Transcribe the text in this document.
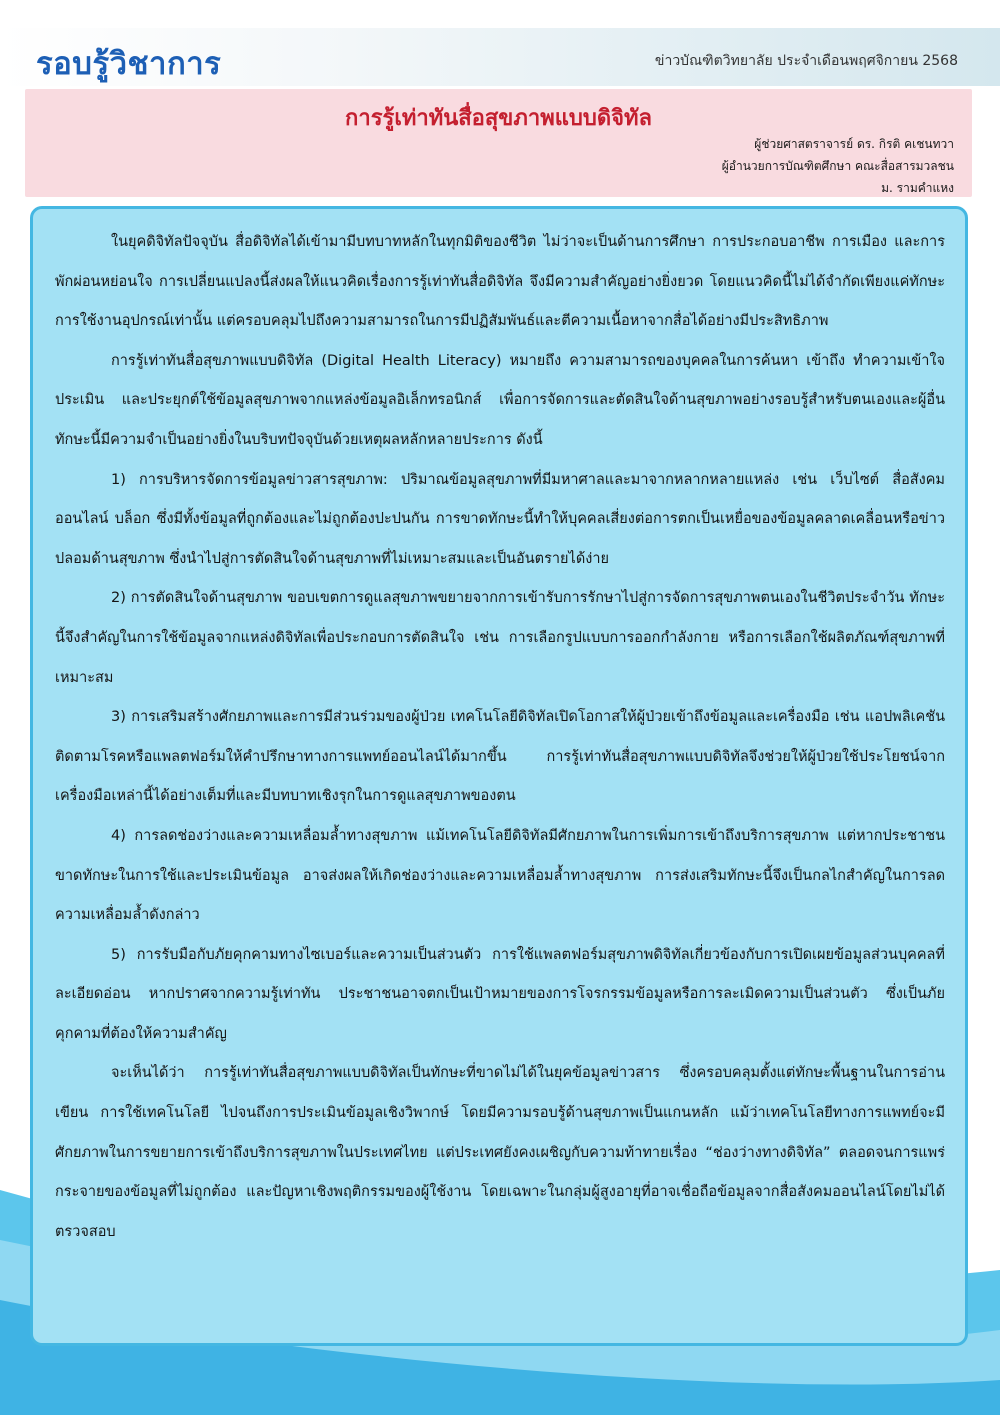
รอบรู้วิชาการ	ข่าวบัณฑิตวิทยาลัย ประจำเดือนพฤศจิกายน 2568
การรู้เท่าทันสื่อสุขภาพแบบดิจิทัล
ผู้ช่วยศาสตราจารย์ ดร. กิรติ คเชนทวา
ผู้อำนวยการบัณฑิตศึกษา คณะสื่อสารมวลชน
ม. รามคำแหง

ในยุคดิจิทัลปัจจุบัน สื่อดิจิทัลได้เข้ามามีบทบาทหลักในทุกมิติของชีวิต ไม่ว่าจะเป็นด้านการศึกษา การประกอบอาชีพ การเมือง และการพักผ่อนหย่อนใจ การเปลี่ยนแปลงนี้ส่งผลให้แนวคิดเรื่องการรู้เท่าทันสื่อดิจิทัล จึงมีความสำคัญอย่างยิ่งยวด โดยแนวคิดนี้ไม่ได้จำกัดเพียงแค่ทักษะการใช้งานอุปกรณ์เท่านั้น แต่ครอบคลุมไปถึงความสามารถในการมีปฏิสัมพันธ์และตีความเนื้อหาจากสื่อได้อย่างมีประสิทธิภาพ

การรู้เท่าทันสื่อสุขภาพแบบดิจิทัล (Digital Health Literacy) หมายถึง ความสามารถของบุคคลในการค้นหา เข้าถึง ทำความเข้าใจ ประเมิน และประยุกต์ใช้ข้อมูลสุขภาพจากแหล่งข้อมูลอิเล็กทรอนิกส์ เพื่อการจัดการและตัดสินใจด้านสุขภาพอย่างรอบรู้สำหรับตนเองและผู้อื่น ทักษะนี้มีความจำเป็นอย่างยิ่งในบริบทปัจจุบันด้วยเหตุผลหลักหลายประการ ดังนี้

1) การบริหารจัดการข้อมูลข่าวสารสุขภาพ: ปริมาณข้อมูลสุขภาพที่มีมหาศาลและมาจากหลากหลายแหล่ง เช่น เว็บไซต์ สื่อสังคมออนไลน์ บล็อก ซึ่งมีทั้งข้อมูลที่ถูกต้องและไม่ถูกต้องปะปนกัน การขาดทักษะนี้ทำให้บุคคลเสี่ยงต่อการตกเป็นเหยื่อของข้อมูลคลาดเคลื่อนหรือข่าวปลอมด้านสุขภาพ ซึ่งนำไปสู่การตัดสินใจด้านสุขภาพที่ไม่เหมาะสมและเป็นอันตรายได้ง่าย

2) การตัดสินใจด้านสุขภาพ ขอบเขตการดูแลสุขภาพขยายจากการเข้ารับการรักษาไปสู่การจัดการสุขภาพตนเองในชีวิตประจำวัน ทักษะนี้จึงสำคัญในการใช้ข้อมูลจากแหล่งดิจิทัลเพื่อประกอบการตัดสินใจ เช่น การเลือกรูปแบบการออกกำลังกาย หรือการเลือกใช้ผลิตภัณฑ์สุขภาพที่เหมาะสม

3) การเสริมสร้างศักยภาพและการมีส่วนร่วมของผู้ป่วย เทคโนโลยีดิจิทัลเปิดโอกาสให้ผู้ป่วยเข้าถึงข้อมูลและเครื่องมือ เช่น แอปพลิเคชันติดตามโรคหรือแพลตฟอร์มให้คำปรึกษาทางการแพทย์ออนไลน์ได้มากขึ้น การรู้เท่าทันสื่อสุขภาพแบบดิจิทัลจึงช่วยให้ผู้ป่วยใช้ประโยชน์จากเครื่องมือเหล่านี้ได้อย่างเต็มที่และมีบทบาทเชิงรุกในการดูแลสุขภาพของตน

4) การลดช่องว่างและความเหลื่อมล้ำทางสุขภาพ แม้เทคโนโลยีดิจิทัลมีศักยภาพในการเพิ่มการเข้าถึงบริการสุขภาพ แต่หากประชาชนขาดทักษะในการใช้และประเมินข้อมูล อาจส่งผลให้เกิดช่องว่างและความเหลื่อมล้ำทางสุขภาพ การส่งเสริมทักษะนี้จึงเป็นกลไกสำคัญในการลดความเหลื่อมล้ำดังกล่าว

5) การรับมือกับภัยคุกคามทางไซเบอร์และความเป็นส่วนตัว การใช้แพลตฟอร์มสุขภาพดิจิทัลเกี่ยวข้องกับการเปิดเผยข้อมูลส่วนบุคคลที่ละเอียดอ่อน หากปราศจากความรู้เท่าทัน ประชาชนอาจตกเป็นเป้าหมายของการโจรกรรมข้อมูลหรือการละเมิดความเป็นส่วนตัว ซึ่งเป็นภัยคุกคามที่ต้องให้ความสำคัญ

จะเห็นได้ว่า การรู้เท่าทันสื่อสุขภาพแบบดิจิทัลเป็นทักษะที่ขาดไม่ได้ในยุคข้อมูลข่าวสาร ซึ่งครอบคลุมตั้งแต่ทักษะพื้นฐานในการอ่านเขียน การใช้เทคโนโลยี ไปจนถึงการประเมินข้อมูลเชิงวิพากษ์ โดยมีความรอบรู้ด้านสุขภาพเป็นแกนหลัก แม้ว่าเทคโนโลยีทางการแพทย์จะมีศักยภาพในการขยายการเข้าถึงบริการสุขภาพในประเทศไทย แต่ประเทศยังคงเผชิญกับความท้าทายเรื่อง “ช่องว่างทางดิจิทัล” ตลอดจนการแพร่กระจายของข้อมูลที่ไม่ถูกต้อง และปัญหาเชิงพฤติกรรมของผู้ใช้งาน โดยเฉพาะในกลุ่มผู้สูงอายุที่อาจเชื่อถือข้อมูลจากสื่อสังคมออนไลน์โดยไม่ได้ตรวจสอบ
